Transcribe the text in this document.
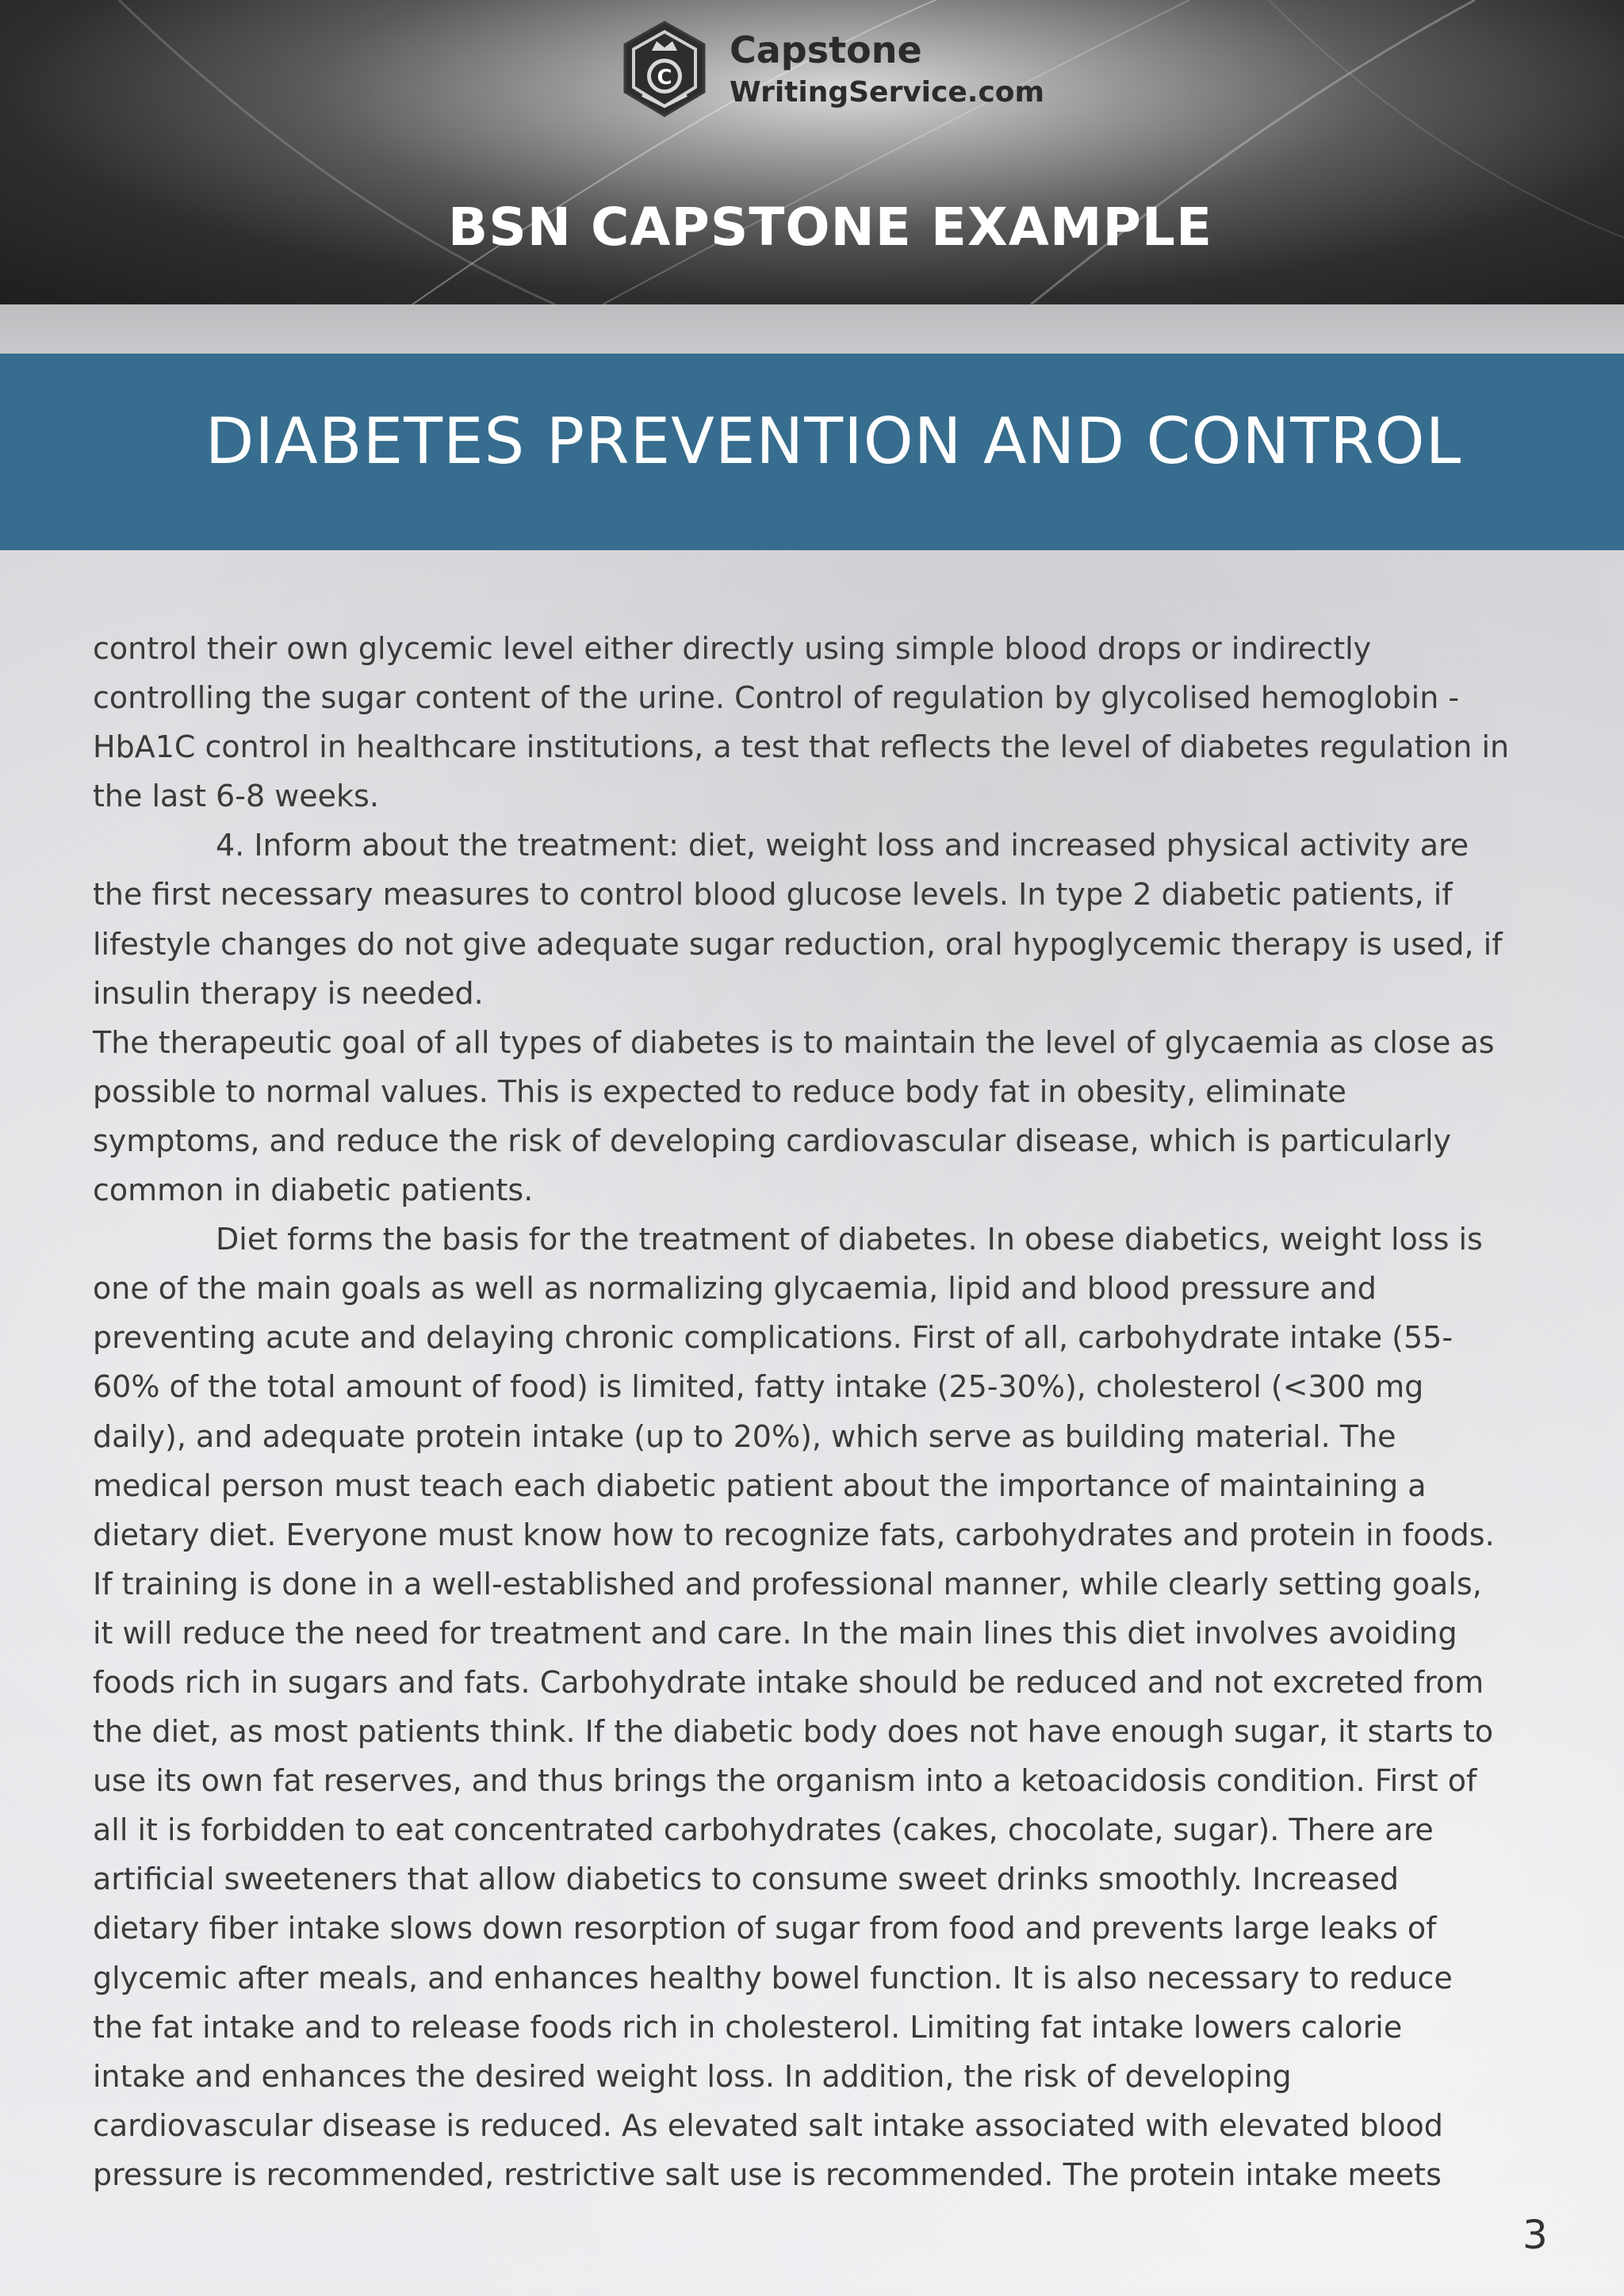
C
Capstone
WritingService.com
BSN CAPSTONE EXAMPLE
DIABETES PREVENTION AND CONTROL
control their own glycemic level either directly using simple blood drops or indirectly
controlling the sugar content of the urine. Control of regulation by glycolised hemoglobin -
HbA1C control in healthcare institutions, a test that reflects the level of diabetes regulation in
the last 6-8 weeks.
4. Inform about the treatment: diet, weight loss and increased physical activity are
the first necessary measures to control blood glucose levels. In type 2 diabetic patients, if
lifestyle changes do not give adequate sugar reduction, oral hypoglycemic therapy is used, if
insulin therapy is needed.
The therapeutic goal of all types of diabetes is to maintain the level of glycaemia as close as
possible to normal values. This is expected to reduce body fat in obesity, eliminate
symptoms, and reduce the risk of developing cardiovascular disease, which is particularly
common in diabetic patients.
Diet forms the basis for the treatment of diabetes. In obese diabetics, weight loss is
one of the main goals as well as normalizing glycaemia, lipid and blood pressure and
preventing acute and delaying chronic complications. First of all, carbohydrate intake (55-
60% of the total amount of food) is limited, fatty intake (25-30%), cholesterol (<300 mg
daily), and adequate protein intake (up to 20%), which serve as building material. The
medical person must teach each diabetic patient about the importance of maintaining a
dietary diet. Everyone must know how to recognize fats, carbohydrates and protein in foods.
If training is done in a well-established and professional manner, while clearly setting goals,
it will reduce the need for treatment and care. In the main lines this diet involves avoiding
foods rich in sugars and fats. Carbohydrate intake should be reduced and not excreted from
the diet, as most patients think. If the diabetic body does not have enough sugar, it starts to
use its own fat reserves, and thus brings the organism into a ketoacidosis condition. First of
all it is forbidden to eat concentrated carbohydrates (cakes, chocolate, sugar). There are
artificial sweeteners that allow diabetics to consume sweet drinks smoothly. Increased
dietary fiber intake slows down resorption of sugar from food and prevents large leaks of
glycemic after meals, and enhances healthy bowel function. It is also necessary to reduce
the fat intake and to release foods rich in cholesterol. Limiting fat intake lowers calorie
intake and enhances the desired weight loss. In addition, the risk of developing
cardiovascular disease is reduced. As elevated salt intake associated with elevated blood
pressure is recommended, restrictive salt use is recommended. The protein intake meets
3
